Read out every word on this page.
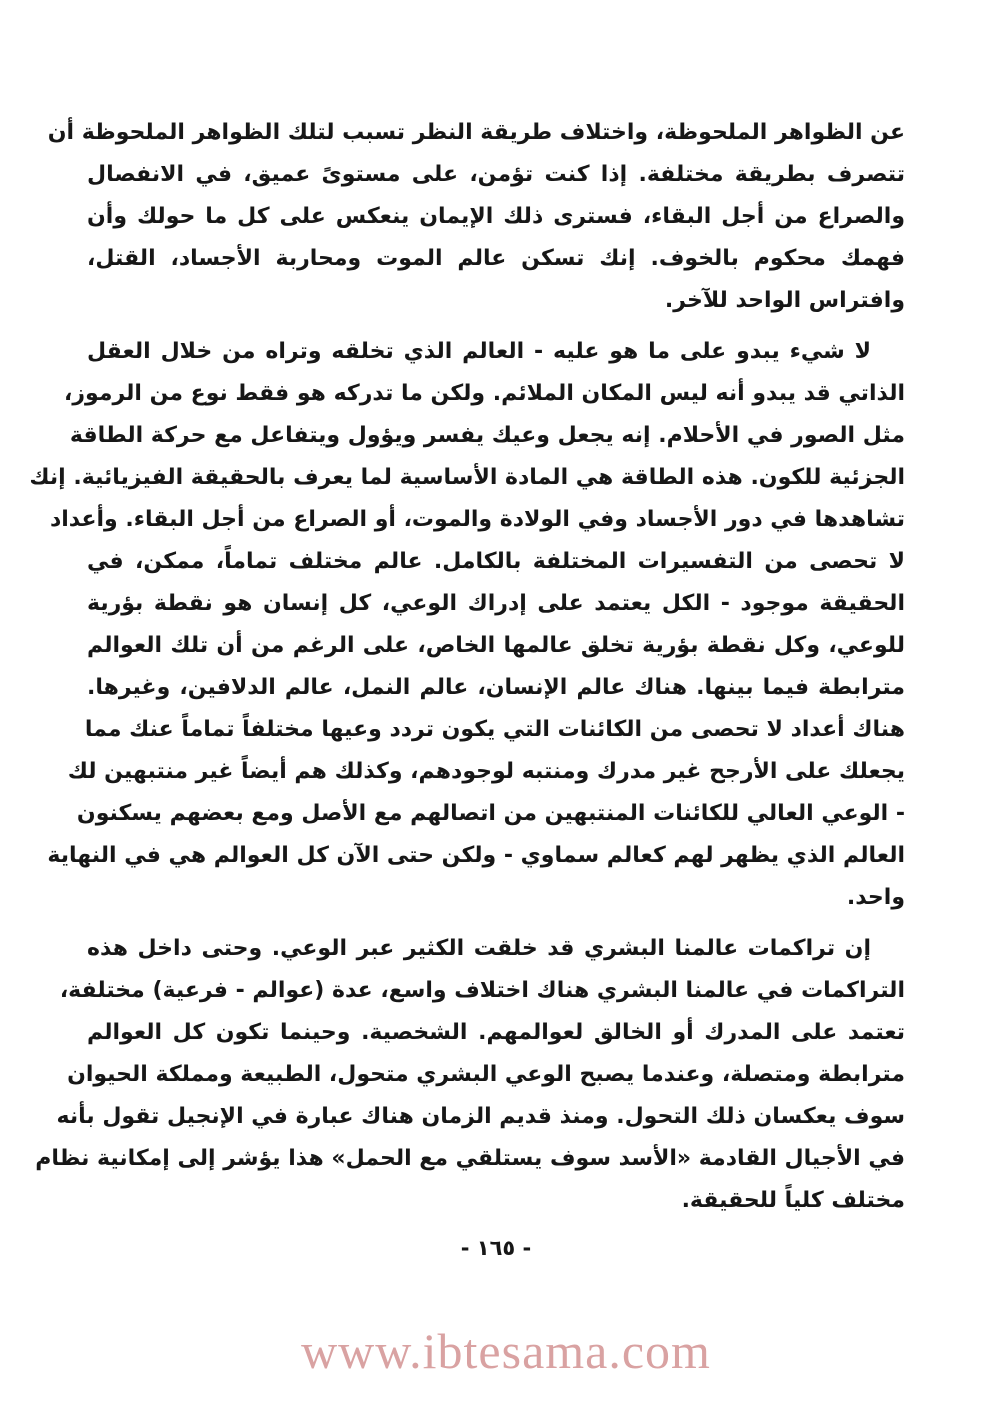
عن الظواهر الملحوظة، واختلاف طريقة النظر تسبب لتلك الظواهر الملحوظة أن
تتصرف بطريقة مختلفة. إذا كنت تؤمن، على مستوىً عميق، في الانفصال
والصراع من أجل البقاء، فسترى ذلك الإيمان ينعكس على كل ما حولك وأن
فهمك محكوم بالخوف. إنك تسكن عالم الموت ومحاربة الأجساد، القتل،
وافتراس الواحد للآخر.
لا شيء يبدو على ما هو عليه - العالم الذي تخلقه وتراه من خلال العقل
الذاتي قد يبدو أنه ليس المكان الملائم. ولكن ما تدركه هو فقط نوع من الرموز،
مثل الصور في الأحلام. إنه يجعل وعيك يفسر ويؤول ويتفاعل مع حركة الطاقة
الجزئية للكون. هذه الطاقة هي المادة الأساسية لما يعرف بالحقيقة الفيزيائية. إنك
تشاهدها في دور الأجساد وفي الولادة والموت، أو الصراع من أجل البقاء. وأعداد
لا تحصى من التفسيرات المختلفة بالكامل. عالم مختلف تماماً، ممكن، في
الحقيقة موجود - الكل يعتمد على إدراك الوعي، كل إنسان هو نقطة بؤرية
للوعي، وكل نقطة بؤرية تخلق عالمها الخاص، على الرغم من أن تلك العوالم
مترابطة فيما بينها. هناك عالم الإنسان، عالم النمل، عالم الدلافين، وغيرها.
هناك أعداد لا تحصى من الكائنات التي يكون تردد وعيها مختلفاً تماماً عنك مما
يجعلك على الأرجح غير مدرك ومنتبه لوجودهم، وكذلك هم أيضاً غير منتبهين لك
- الوعي العالي للكائنات المنتبهين من اتصالهم مع الأصل ومع بعضهم يسكنون
العالم الذي يظهر لهم كعالم سماوي - ولكن حتى الآن كل العوالم هي في النهاية
واحد.
إن تراكمات عالمنا البشري قد خلقت الكثير عبر الوعي. وحتى داخل هذه
التراكمات في عالمنا البشري هناك اختلاف واسع، عدة (عوالم - فرعية) مختلفة،
تعتمد على المدرك أو الخالق لعوالمهم. الشخصية. وحينما تكون كل العوالم
مترابطة ومتصلة، وعندما يصبح الوعي البشري متحول، الطبيعة ومملكة الحيوان
سوف يعكسان ذلك التحول. ومنذ قديم الزمان هناك عبارة في الإنجيل تقول بأنه
في الأجيال القادمة «الأسد سوف يستلقي مع الحمل» هذا يؤشر إلى إمكانية نظام
مختلف كلياً للحقيقة.
- ١٦٥ -
www.ibtesama.com
